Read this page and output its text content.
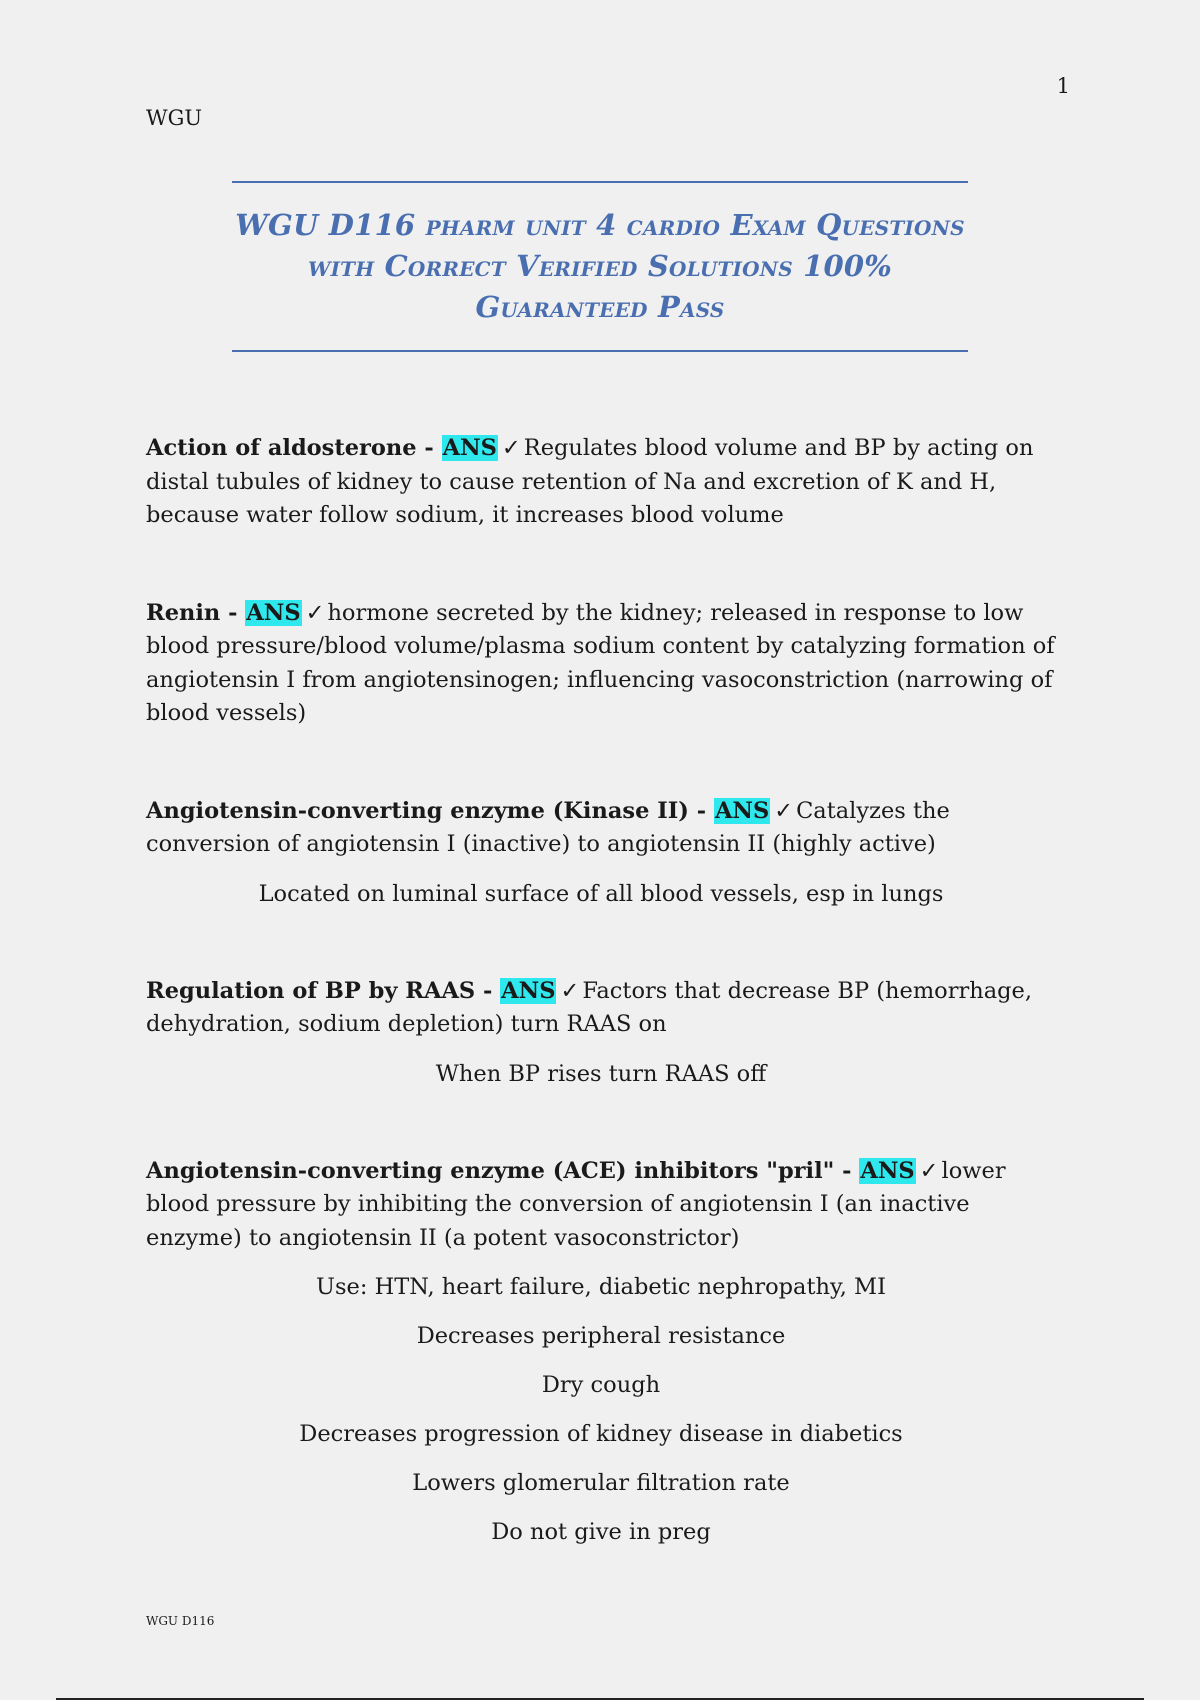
1
WGU
WGU D116 pharm unit 4 cardio Exam Questions
with Correct Verified Solutions 100%
Guaranteed Pass
Action of aldosterone - ANS ✓ Regulates blood volume and BP by acting on distal tubules of kidney to cause retention of Na and excretion of K and H, because water follow sodium, it increases blood volume
Renin - ANS ✓ hormone secreted by the kidney; released in response to low blood pressure/blood volume/plasma sodium content by catalyzing formation of angiotensin I from angiotensinogen; influencing vasoconstriction (narrowing of blood vessels)
Angiotensin-converting enzyme (Kinase II) - ANS ✓ Catalyzes the conversion of angiotensin I (inactive) to angiotensin II (highly active)
Located on luminal surface of all blood vessels, esp in lungs
Regulation of BP by RAAS - ANS ✓ Factors that decrease BP (hemorrhage, dehydration, sodium depletion) turn RAAS on
When BP rises turn RAAS off
Angiotensin-converting enzyme (ACE) inhibitors "pril" - ANS ✓ lower blood pressure by inhibiting the conversion of angiotensin I (an inactive enzyme) to angiotensin II (a potent vasoconstrictor)
Use: HTN, heart failure, diabetic nephropathy, MI
Decreases peripheral resistance
Dry cough
Decreases progression of kidney disease in diabetics
Lowers glomerular filtration rate
Do not give in preg
WGU D116
